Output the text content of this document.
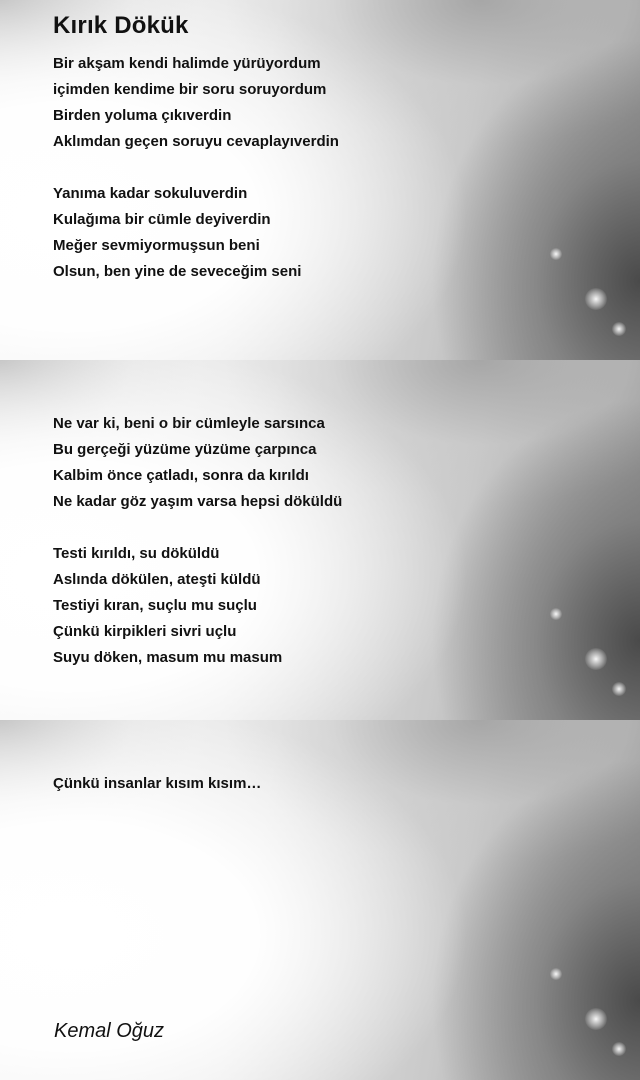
Kırık Dökük
Bir akşam kendi halimde yürüyordum
içimden kendime bir soru soruyordum
Birden yoluma çıkıverdin
Aklımdan geçen soruyu cevaplayıverdin
Yanıma kadar sokuluverdin
Kulağıma bir cümle deyiverdin
Meğer sevmiyormuşsun beni
Olsun, ben yine de seveceğim seni
Ne var ki, beni o bir cümleyle sarsınca
Bu gerçeği yüzüme yüzüme çarpınca
Kalbim önce çatladı, sonra da kırıldı
Ne kadar göz yaşım varsa hepsi döküldü
Testi kırıldı, su döküldü
Aslında dökülen, ateşti küldü
Testiyi kıran, suçlu mu suçlu
Çünkü kirpikleri sivri uçlu
Suyu döken, masum mu masum
Çünkü insanlar kısım kısım…
Kemal Oğuz
